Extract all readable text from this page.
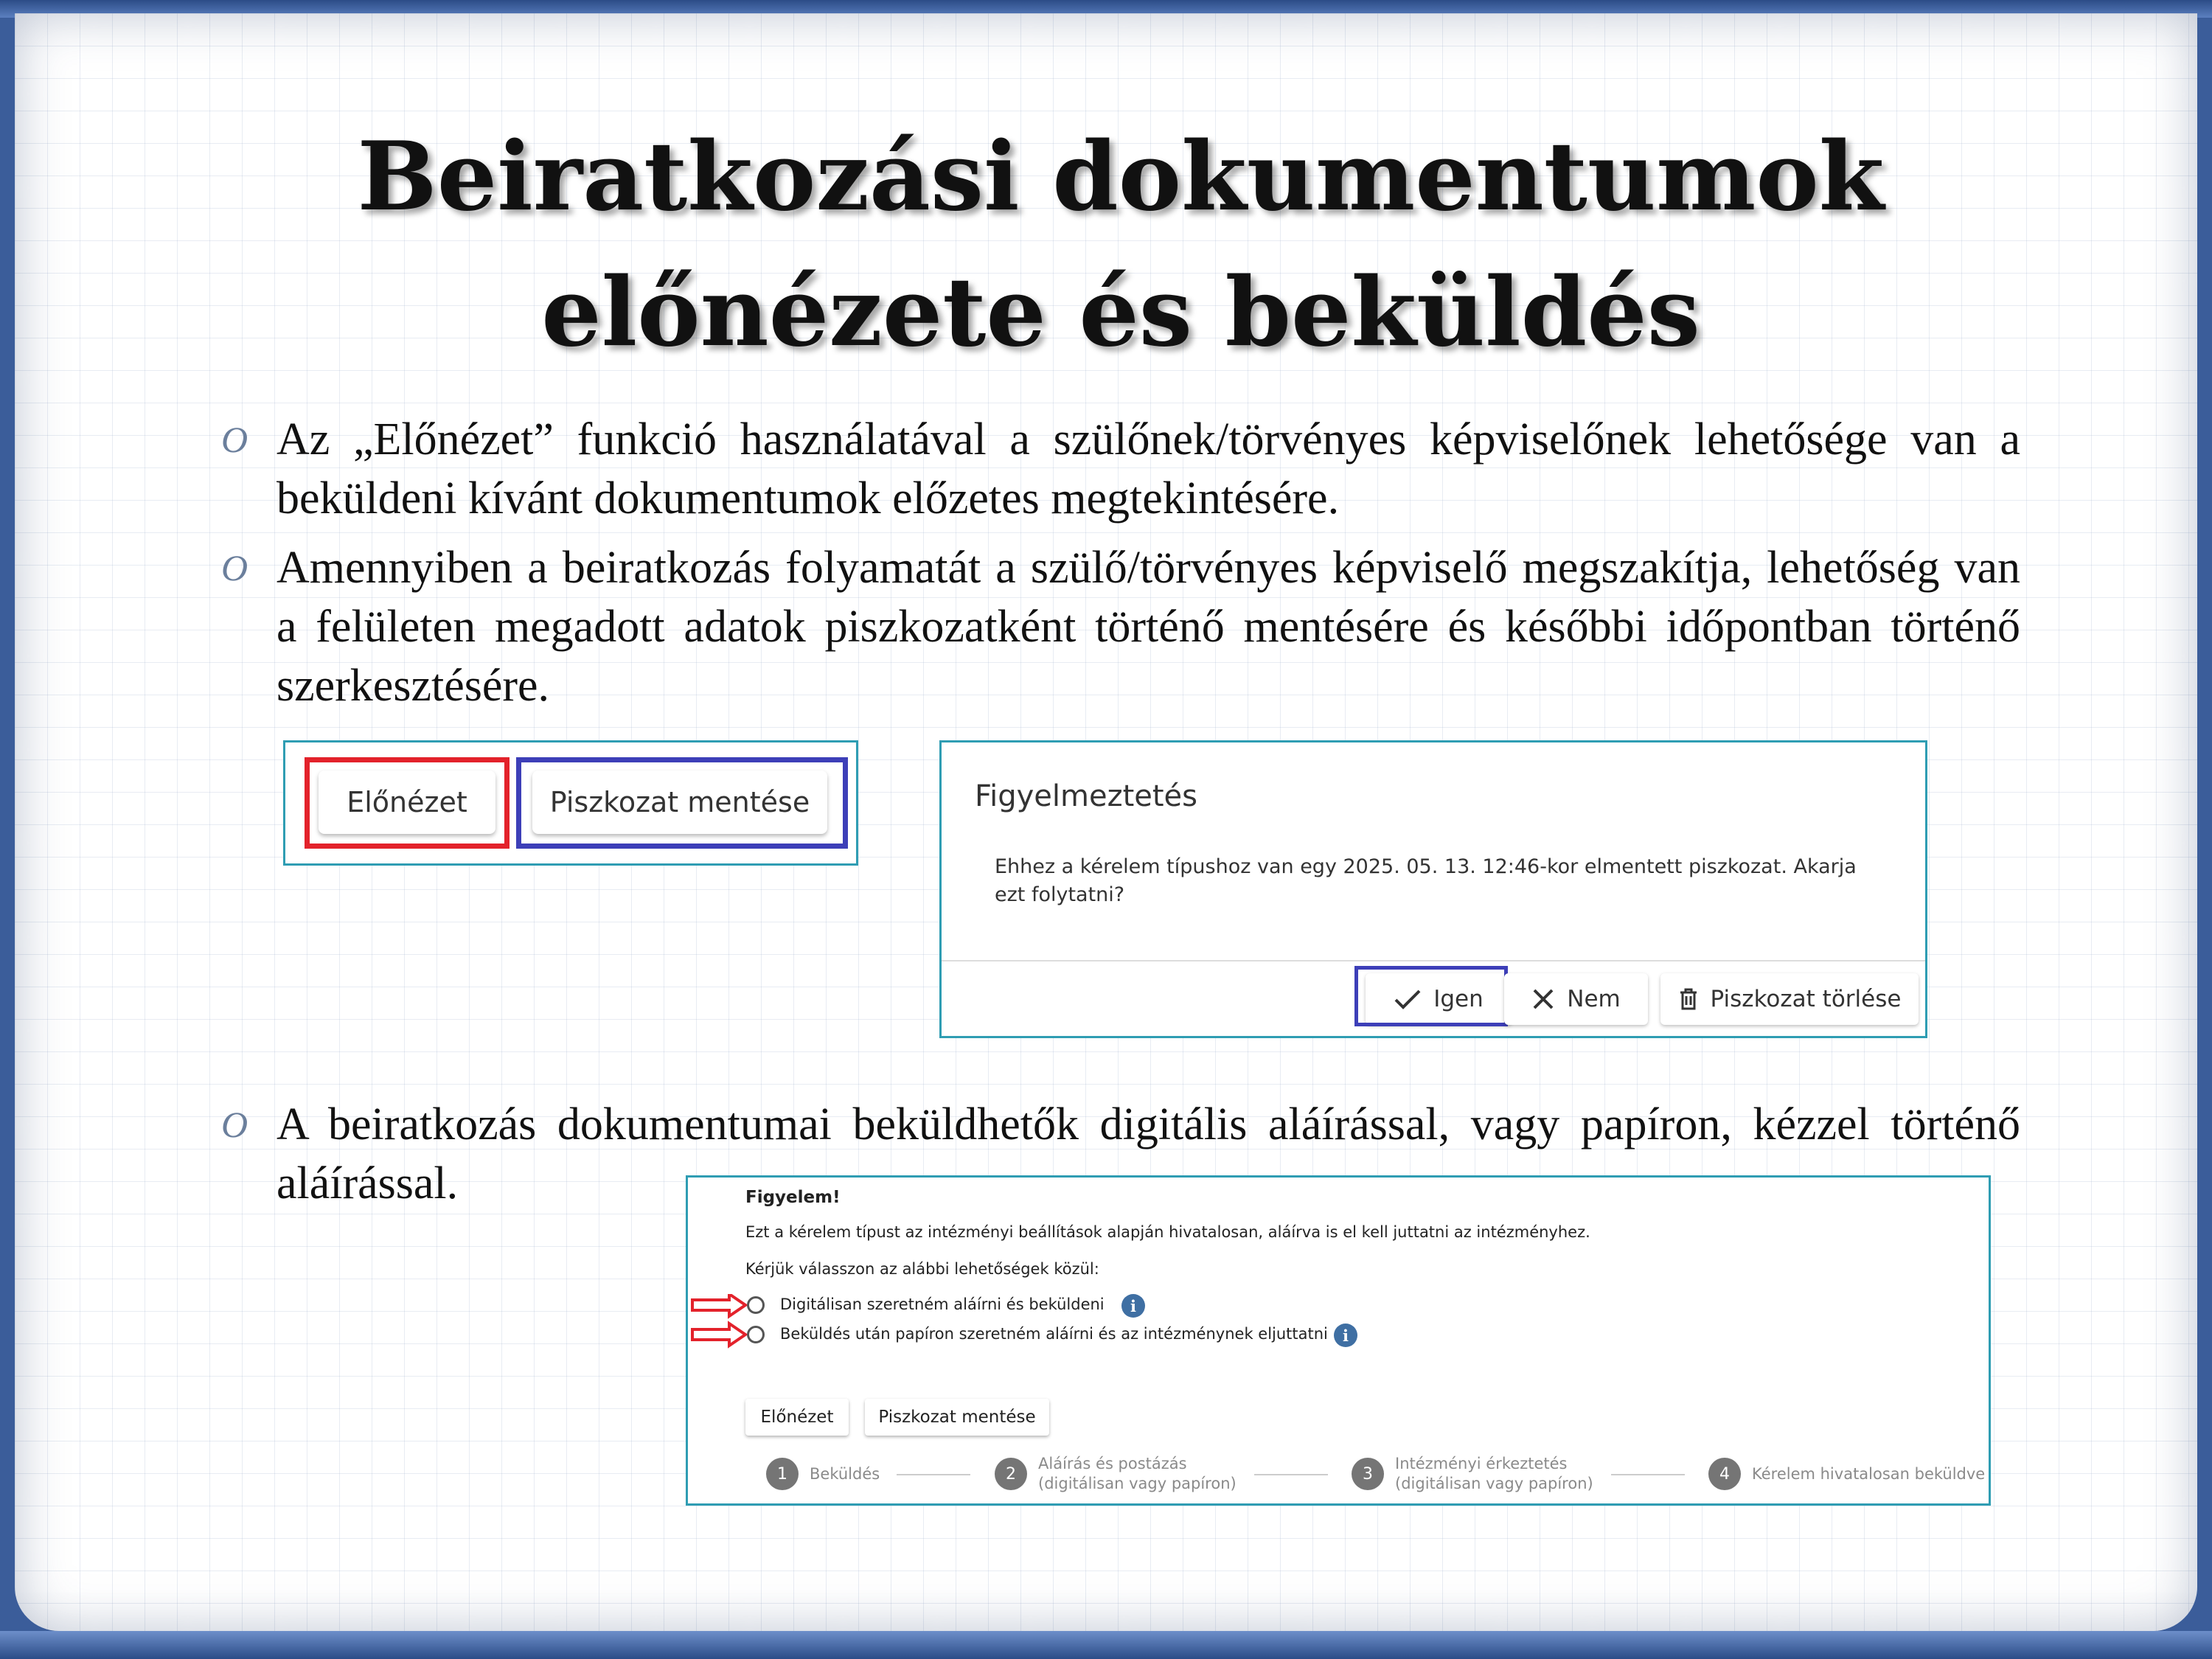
Beiratkozási dokumentumok
előnézete és beküldés
O Az „Előnézet” funkció használatával a szülőnek/törvényes képviselőnek lehetősége van a beküldeni kívánt dokumentumok előzetes megtekintésére.
O Amennyiben a beiratkozás folyamatát a szülő/törvényes képviselő megszakítja, lehetőség van a felületen megadott adatok piszkozatként történő mentésére és későbbi időpontban történő szerkesztésére.
Előnézet	Piszkozat mentése	Figyelmeztetés
Ehhez a kérelem típushoz van egy 2025. 05. 13. 12:46-kor elmentett piszkozat. Akarja ezt folytatni?
Igen	Nem	Piszkozat törlése
O A beiratkozás dokumentumai beküldhetők digitális aláírással, vagy papíron, kézzel történő aláírással.	Figyelem!
Ezt a kérelem típust az intézményi beállítások alapján hivatalosan, aláírva is el kell juttatni az intézményhez.
Kérjük válasszon az alábbi lehetőségek közül:
Digitálisan szeretném aláírni és beküldeni	i
Beküldés után papíron szeretném aláírni és az intézménynek eljuttatni i
Előnézet	Piszkozat mentése
1	Beküldés	2
Aláírás és postázás
(digitálisan vagy papíron)
3
Intézményi érkeztetés
(digitálisan vagy papíron)
4	Kérelem hivatalosan beküldve
